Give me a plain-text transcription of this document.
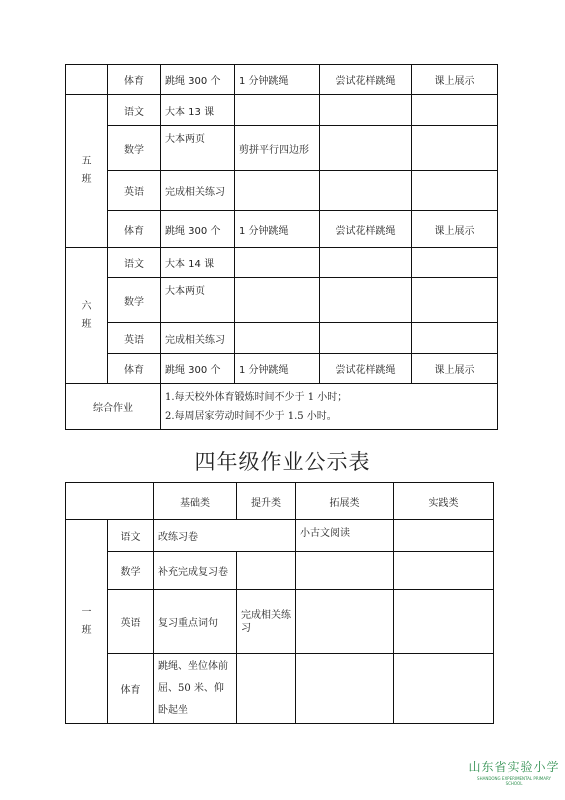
	体育	跳绳 300 个	1 分钟跳绳	尝试花样跳绳	课上展示

五
班	语文	大本 13 课			
	数学	大本两页	剪拼平行四边形		
	英语	完成相关练习			
	体育	跳绳 300 个	1 分钟跳绳	尝试花样跳绳	课上展示

六
班	语文	大本 14 课			
	数学	大本两页			
	英语	完成相关练习			
	体育	跳绳 300 个	1 分钟跳绳	尝试花样跳绳	课上展示
综合作业		1.每天校外体育锻炼时间不少于 1 小时；
2.每周居家劳动时间不少于 1.5 小时。			
四年级作业公示表
		基础类	提升类	拓展类	实践类

一
班	语文	改练习卷		小古文阅读	
	数学	补充完成复习卷			
	英语	复习重点词句	完成相关练习		
	体育	跳绳、坐位体前屈、50 米、仰卧起坐			
山东省实验小学
SHANDONG EXPERIMENTAL PRIMARY SCHOOL
